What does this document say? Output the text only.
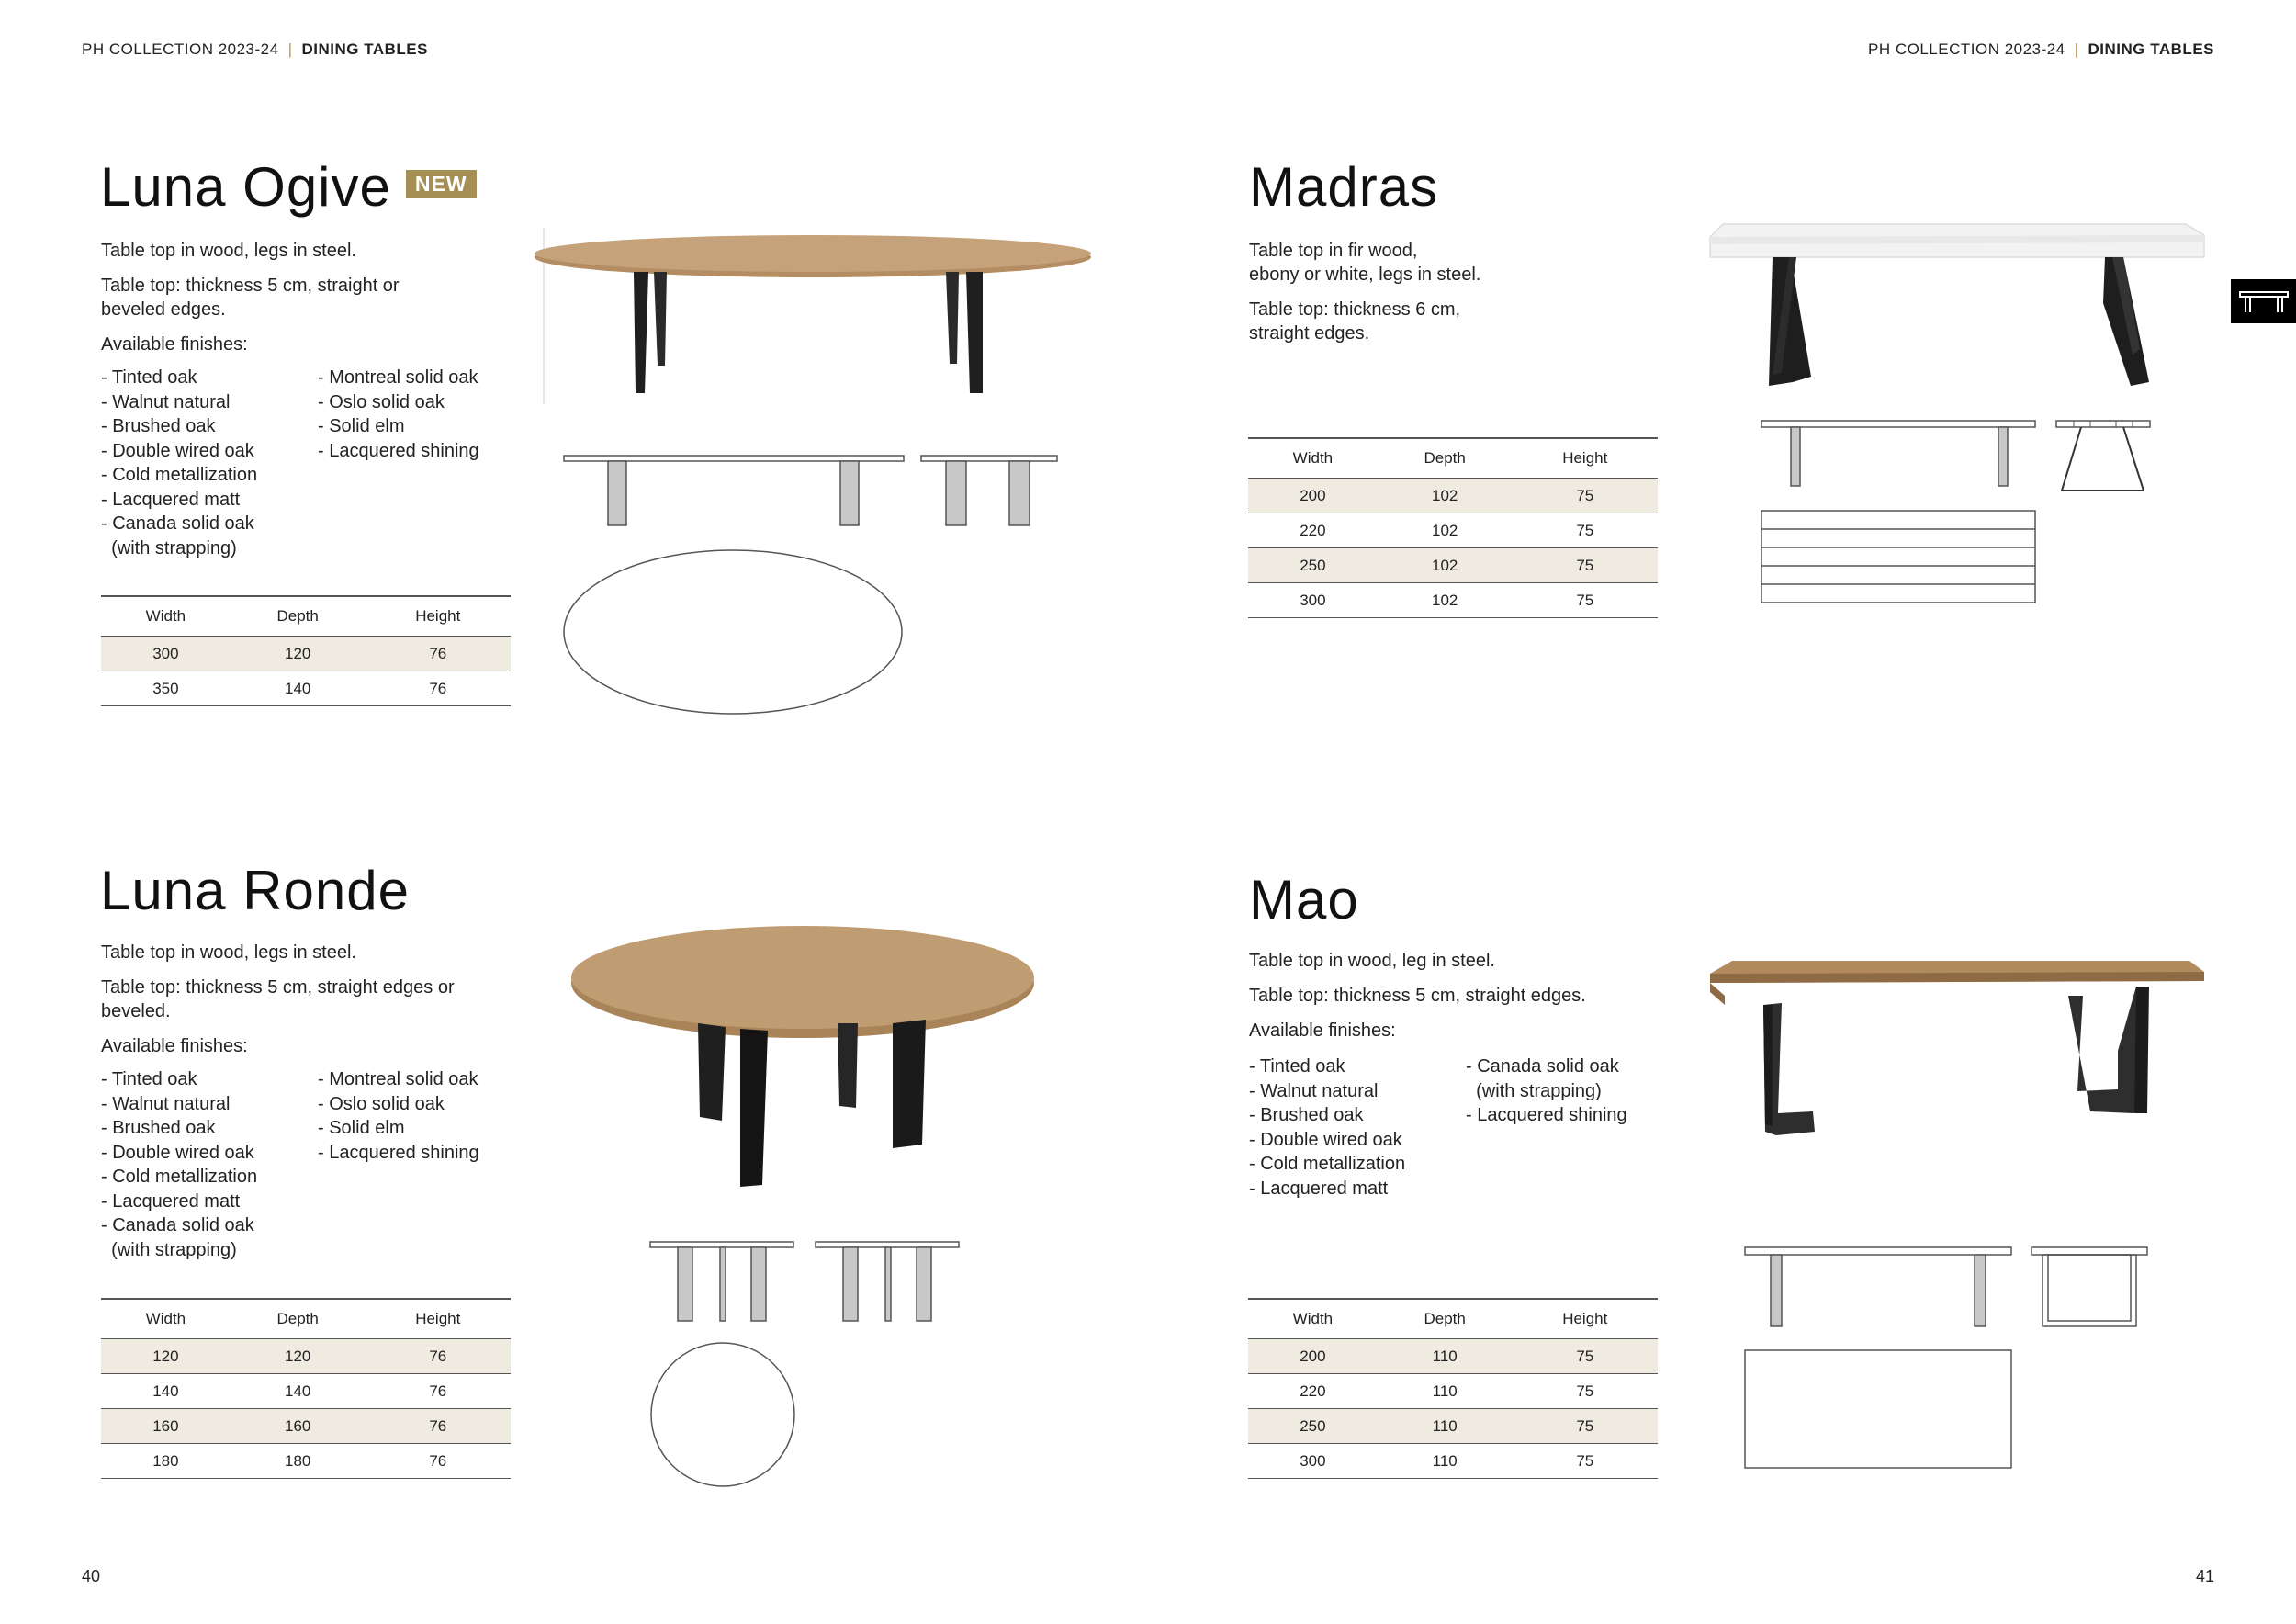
PH COLLECTION 2023-24 | DINING TABLES	PH COLLECTION 2023-24 | DINING TABLES
Luna Ogive NEW

Table top in wood, legs in steel.

Table top: thickness 5 cm, straight or
beveled edges.

Available finishes:

- Tinted oak
- Walnut natural
- Brushed oak
- Double wired oak
- Cold metallization
- Lacquered matt
- Canada solid oak
(with strapping)
- Montreal solid oak
- Oslo solid oak
- Solid elm
- Lacquered shining
Width	Depth	Height
300	120	76
350	140	76
Madras

Table top in fir wood,
ebony or white, legs in steel.

Table top: thickness 6 cm,
straight edges.

Width	Depth	Height
200	102	75
220	102	75
250	102	75
300	102	75
Luna Ronde

Table top in wood, legs in steel.

Table top: thickness 5 cm, straight edges or
beveled.

Available finishes:

- Tinted oak
- Walnut natural
- Brushed oak
- Double wired oak
- Cold metallization
- Lacquered matt
- Canada solid oak
(with strapping)
- Montreal solid oak
- Oslo solid oak
- Solid elm
- Lacquered shining
Width	Depth	Height
120	120	76
140	140	76
160	160	76
180	180	76
Mao

Table top in wood, leg in steel.

Table top: thickness 5 cm, straight edges.

Available finishes:

- Tinted oak
- Walnut natural
- Brushed oak
- Double wired oak
- Cold metallization
- Lacquered matt
- Canada solid oak
(with strapping)
- Lacquered shining
Width	Depth	Height
200	110	75
220	110	75
250	110	75
300	110	75
40	41
